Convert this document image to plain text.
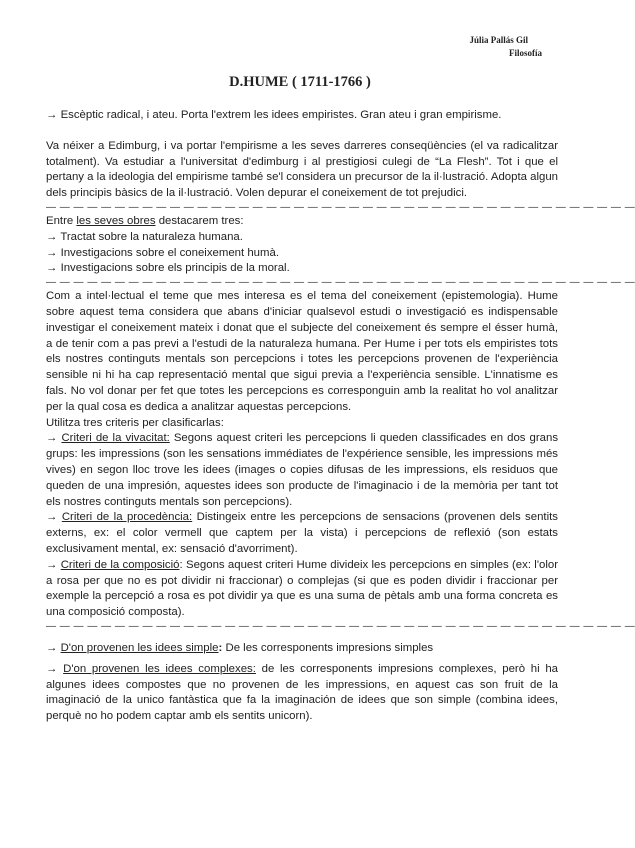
Júlia Pallás Gil
Filosofía
D.HUME ( 1711-1766 )

→ Escèptic radical, i ateu. Porta l'extrem les idees empiristes. Gran ateu i gran empirisme.

Va néixer a Edimburg, i va portar l'empirisme a les seves darreres conseqüències (el va radicalitzar totalment). Va estudiar a l'universitat d'edimburg i al prestigiosi culegi de “La Flesh”. Tot i que el pertany a la ideologia del empirisme també se'l considera un precursor de la il·lustració. Adopta algun dels principis bàsics de la il·lustració. Volen depurar el coneixement de tot prejudici.

— — — — — — — — — — — — — — — — — — — — — — — — — — — — — — — — — — — — — — — — — — —

Entre les seves obres destacarem tres:

→ Tractat sobre la naturaleza humana.

→ Investigacions sobre el coneixement humà.

→ Investigacions sobre els principis de la moral.

— — — — — — — — — — — — — — — — — — — — — — — — — — — — — — — — — — — — — — — — — — —

Com a intel·lectual el teme que mes interesa es el tema del coneixement (epistemologia). Hume sobre aquest tema considera que abans d'iniciar qualsevol estudi o investigació es indispensable investigar el coneixement mateix i donat que el subjecte del coneixement és sempre el ésser humà, a de tenir com a pas previ a l'estudi de la naturaleza humana. Per Hume i per tots els empiristes tots els nostres continguts mentals son percepcions i totes les percepcions provenen de l'experiència sensible ni hi ha cap representació mental que sigui previa a l'experiència sensible. L'innatisme es fals. No vol donar per fet que totes les percepcions es corresponguin amb la realitat ho vol analitzar per la qual cosa es dedica a analitzar aquestas percepcions.

Utilitza tres criteris per clasificarlas:

→ Criteri de la vivacitat: Segons aquest criteri les percepcions li queden classificades en dos grans grups: les impressions (son les sensations immédiates de l'expérience sensible, les impressions més vives) en segon lloc trove les idees (images o copies difusas de les impressions, els residuos que queden de una impresión, aquestes idees son producte de l'imaginacio i de la memòria per tant tot els nostres continguts mentals son percepcions).

→ Criteri de la procedència: Distingeix entre les percepcions de sensacions (provenen dels sentits externs, ex: el color vermell que captem per la vista) i percepcions de reflexió (son estats exclusivament mental, ex: sensació d'avorriment).

→ Criteri de la composició: Segons aquest criteri Hume divideix les percepcions en simples (ex: l'olor a rosa per que no es pot dividir ni fraccionar) o complejas (si que es poden dividir i fraccionar per exemple la percepció a rosa es pot dividir ya que es una suma de pètals amb una forma concreta es una composició composta).

— — — — — — — — — — — — — — — — — — — — — — — — — — — — — — — — — — — — — — — — — — —

→ D'on provenen les idees simple: De les corresponents impresions simples

→ D'on provenen les idees complexes: de les corresponents impresions complexes, però hi ha algunes idees compostes que no provenen de les impressions, en aquest cas son fruit de la imaginació de la unico fantàstica que fa la imaginación de idees que son simple (combina idees, perquè no ho podem captar amb els sentits unicorn).
